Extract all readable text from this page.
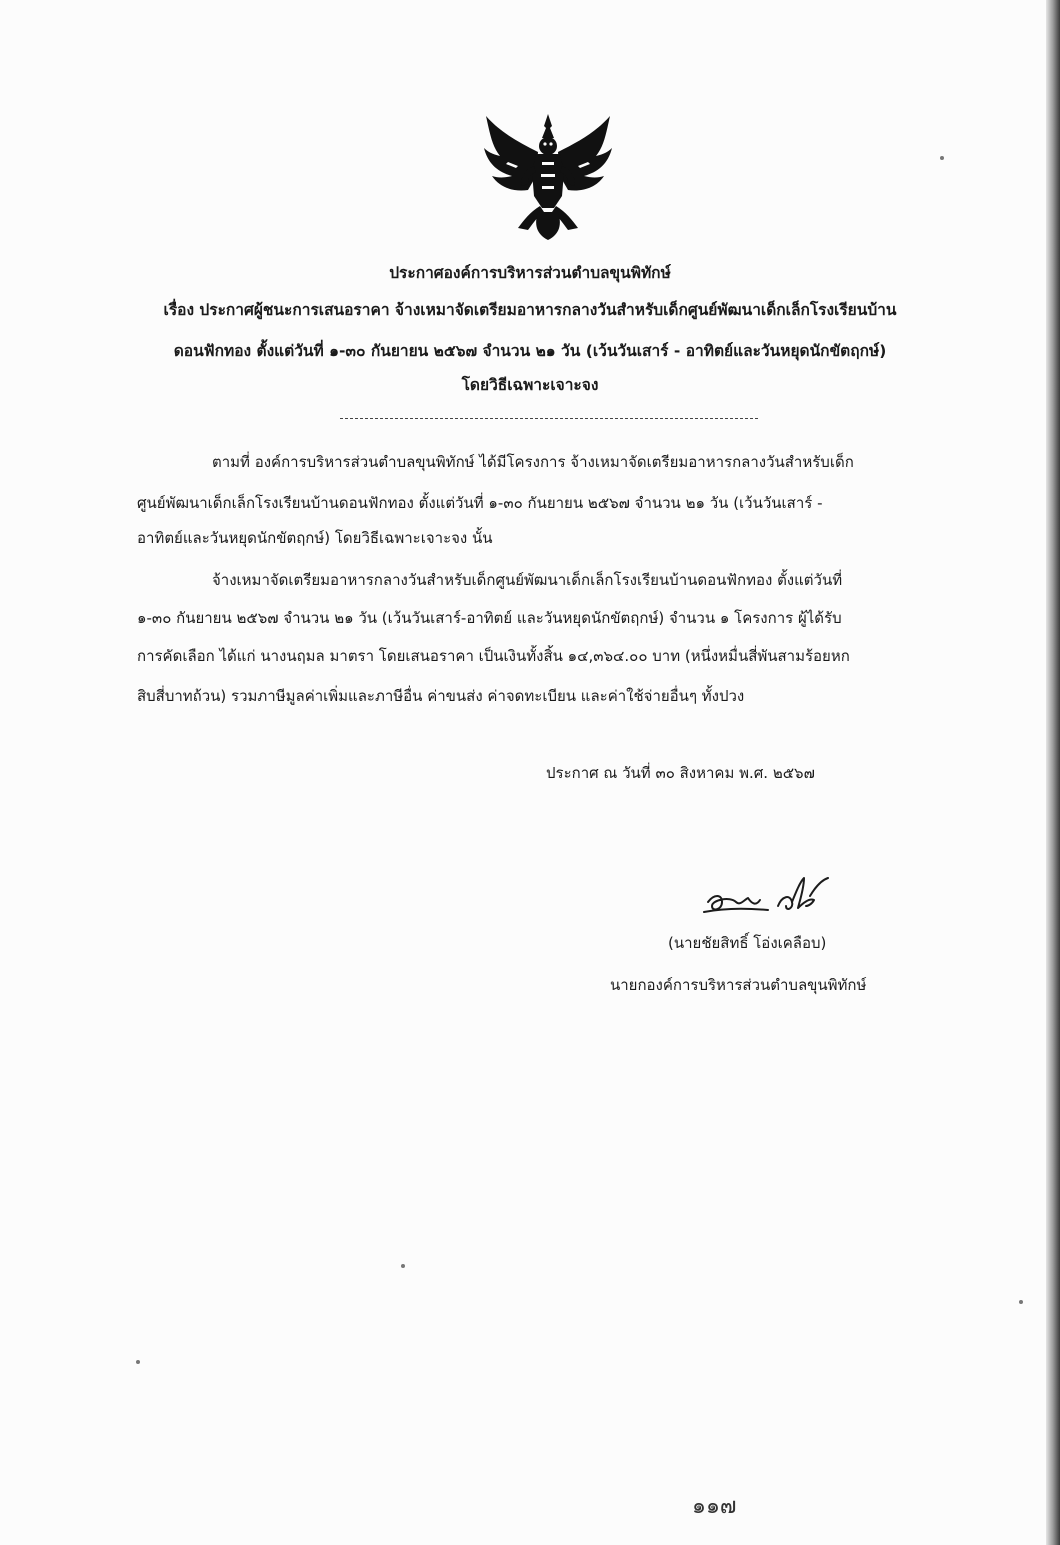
ประกาศองค์การบริหารส่วนตำบลขุนพิทักษ์
เรื่อง ประกาศผู้ชนะการเสนอราคา จ้างเหมาจัดเตรียมอาหารกลางวันสำหรับเด็กศูนย์พัฒนาเด็กเล็กโรงเรียนบ้าน
ดอนฟักทอง ตั้งแต่วันที่ ๑-๓๐ กันยายน ๒๕๖๗ จำนวน ๒๑ วัน (เว้นวันเสาร์ - อาทิตย์และวันหยุดนักขัตฤกษ์)
โดยวิธีเฉพาะเจาะจง
ตามที่ องค์การบริหารส่วนตำบลขุนพิทักษ์ ได้มีโครงการ จ้างเหมาจัดเตรียมอาหารกลางวันสำหรับเด็ก
ศูนย์พัฒนาเด็กเล็กโรงเรียนบ้านดอนฟักทอง ตั้งแต่วันที่ ๑-๓๐ กันยายน ๒๕๖๗ จำนวน ๒๑ วัน (เว้นวันเสาร์ -
อาทิตย์และวันหยุดนักขัตฤกษ์) โดยวิธีเฉพาะเจาะจง นั้น
จ้างเหมาจัดเตรียมอาหารกลางวันสำหรับเด็กศูนย์พัฒนาเด็กเล็กโรงเรียนบ้านดอนฟักทอง ตั้งแต่วันที่
๑-๓๐ กันยายน ๒๕๖๗ จำนวน ๒๑ วัน (เว้นวันเสาร์-อาทิตย์ และวันหยุดนักขัตฤกษ์) จำนวน ๑ โครงการ ผู้ได้รับ
การคัดเลือก ได้แก่ นางนฤมล มาตรา โดยเสนอราคา เป็นเงินทั้งสิ้น ๑๔,๓๖๔.๐๐ บาท (หนึ่งหมื่นสี่พันสามร้อยหก
สิบสี่บาทถ้วน) รวมภาษีมูลค่าเพิ่มและภาษีอื่น ค่าขนส่ง ค่าจดทะเบียน และค่าใช้จ่ายอื่นๆ ทั้งปวง
ประกาศ ณ วันที่ ๓๐ สิงหาคม พ.ศ. ๒๕๖๗
(นายชัยสิทธิ์ โอ่งเคลือบ)
นายกองค์การบริหารส่วนตำบลขุนพิทักษ์
๑๑๗
